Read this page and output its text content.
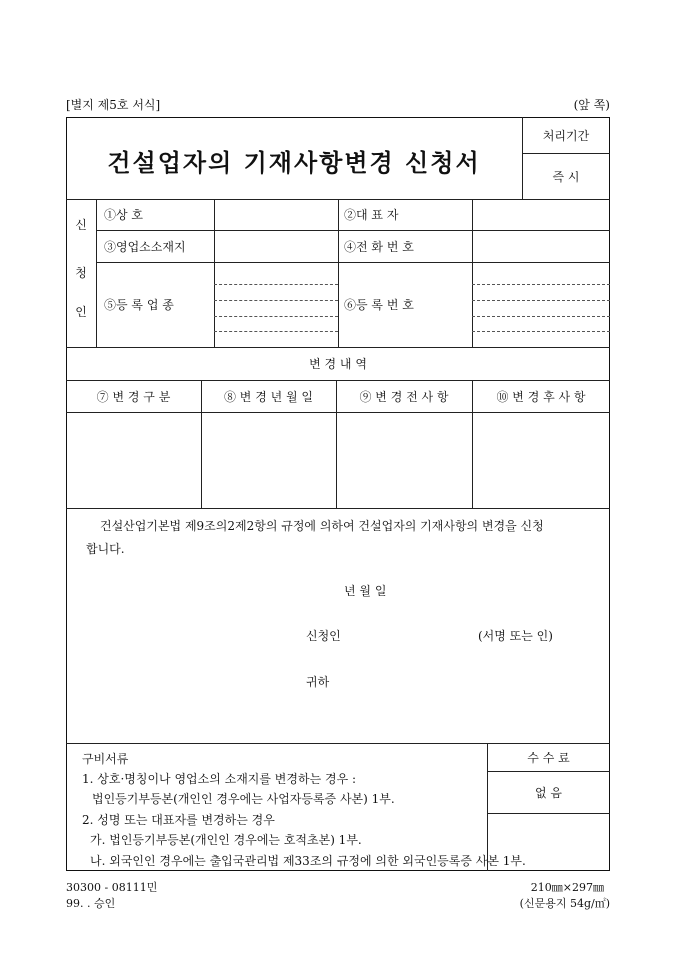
[별지 제5호 서식]	(앞 쪽)
건설업자의 기재사항변경 신청서
처리기간
즉 시
신
청
인
①상 호	②대 표 자
③영업소소재지	④전 화 번 호
⑤등 록 업 종	⑥등 록 번 호
변 경 내 역
⑦ 변 경 구 분	⑧ 변 경 년 월 일	⑨ 변 경 전 사 항	⑩ 변 경 후 사 항
건설산업기본법 제9조의2제2항의 규정에 의하여 건설업자의 기재사항의 변경을 신청
합니다.
년 월 일
신청인	(서명 또는 인)
귀하
수 수 료
없 음
구비서류
1. 상호·명칭이나 영업소의 소재지를 변경하는 경우 :
법인등기부등본(개인인 경우에는 사업자등록증 사본) 1부.
2. 성명 또는 대표자를 변경하는 경우
가. 법인등기부등본(개인인 경우에는 호적초본) 1부.
나. 외국인인 경우에는 출입국관리법 제33조의 규정에 의한 외국인등록증 사본 1부.
30300 - 08111민
99. . 승인
210㎜×297㎜
(신문용지 54g/㎡)
